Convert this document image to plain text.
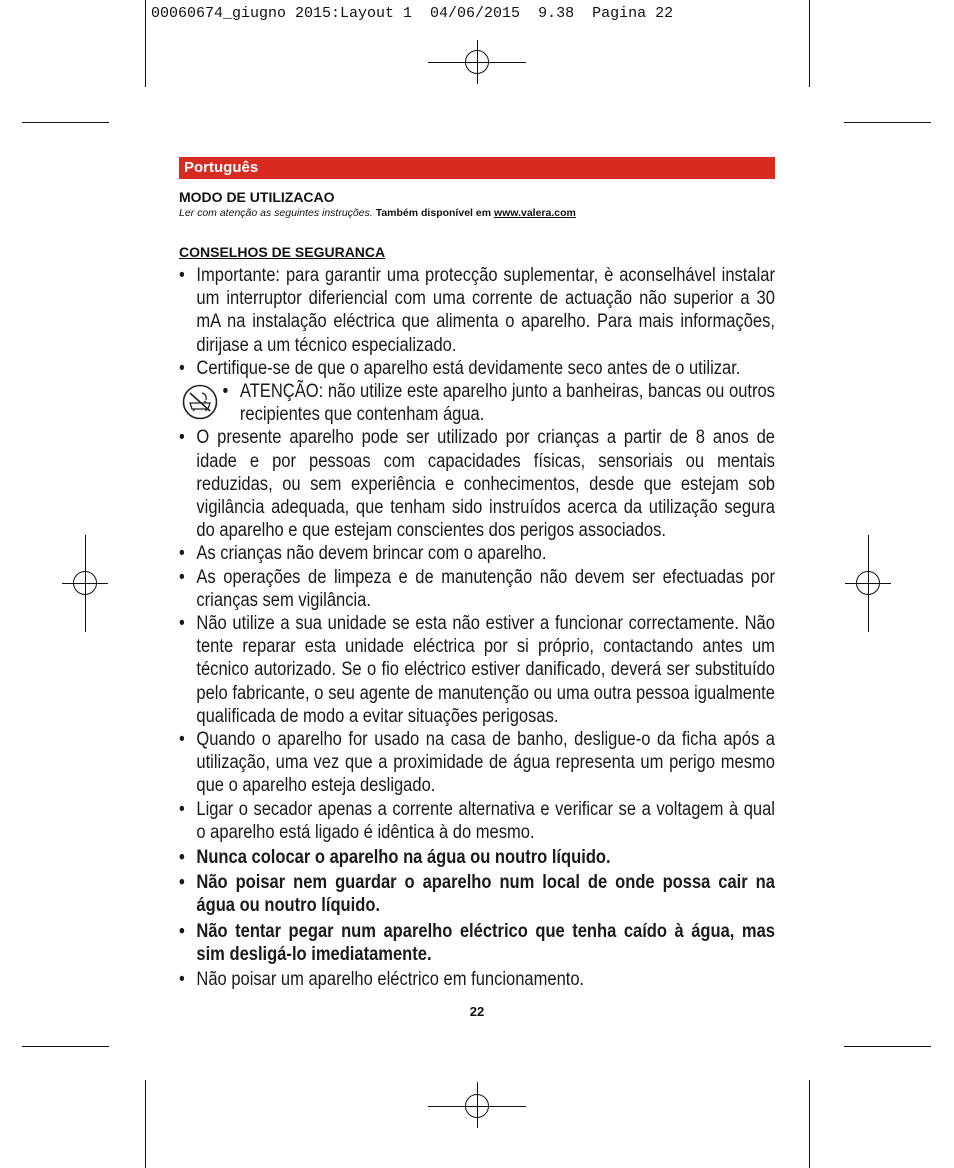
00060674_giugno 2015:Layout 1  04/06/2015  9.38  Pagina 22
Português
MODO DE UTILIZACAO
Ler com atenção as seguintes instruções. Também disponível em www.valera.com
CONSELHOS DE SEGURANCA
• Importante: para garantir uma protecção suplementar, è aconselhável instalar um interruptor diferiencial com uma corrente de actuação não superior a 30 mA na instalação eléctrica que alimenta o aparelho. Para mais informações, dirijase a um técnico especializado.
• Certifique-se de que o aparelho está devidamente seco antes de o utilizar.
• ATENÇÃO: não utilize este aparelho junto a banheiras, bancas ou outros recipientes que contenham água.
• O presente aparelho pode ser utilizado por crianças a partir de 8 anos de idade e por pessoas com capacidades físicas, sensoriais ou mentais reduzidas, ou sem experiência e conhecimentos, desde que estejam sob vigilância adequada, que tenham sido instruídos acerca da utilização segura do aparelho e que estejam conscientes dos perigos associados.
• As crianças não devem brincar com o aparelho.
• As operações de limpeza e de manutenção não devem ser efectuadas por crianças sem vigilância.
• Não utilize a sua unidade se esta não estiver a funcionar correctamente. Não tente reparar esta unidade eléctrica por si próprio, contactando antes um técnico autorizado. Se o fio eléctrico estiver danificado, deverá ser substituído pelo fabricante, o seu agente de manutenção ou uma outra pessoa igualmente qualificada de modo a evitar situações perigosas.
• Quando o aparelho for usado na casa de banho, desligue-o da ficha após a utilização, uma vez que a proximidade de água representa um perigo mesmo que o aparelho esteja desligado.
• Ligar o secador apenas a corrente alternativa e verificar se a voltagem à qual o aparelho está ligado é idêntica à do mesmo.
• Nunca colocar o aparelho na água ou noutro líquido.
• Não poisar nem guardar o aparelho num local de onde possa cair na água ou noutro líquido.
• Não tentar pegar num aparelho eléctrico que tenha caído à água, mas sim desligá-lo imediatamente.
• Não poisar um aparelho eléctrico em funcionamento.
22
